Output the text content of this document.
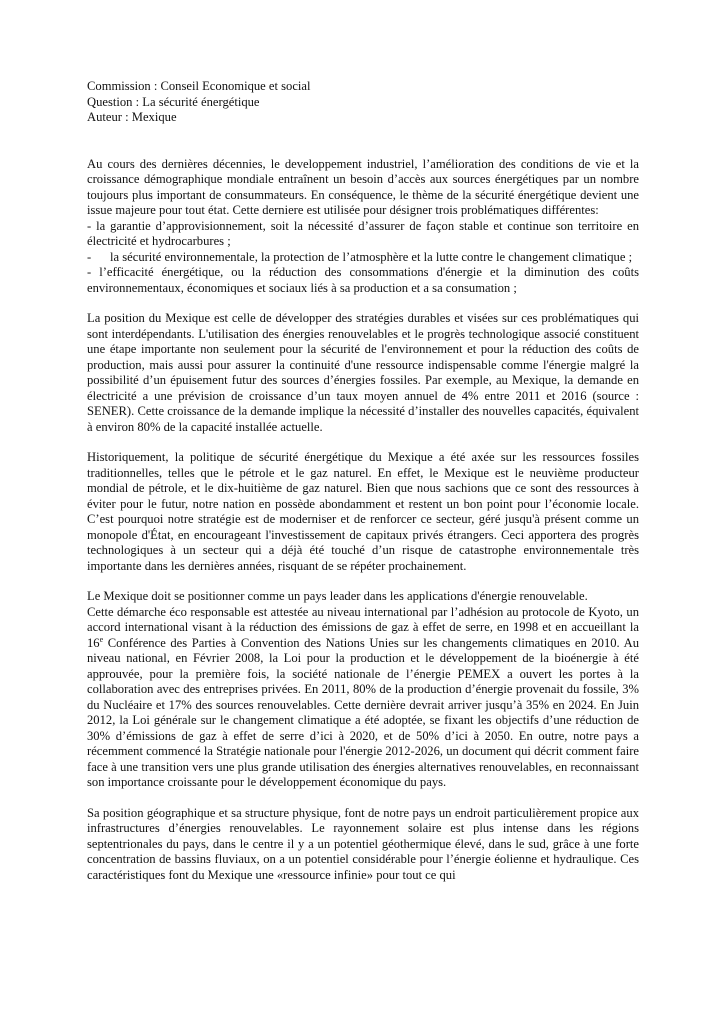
Commission : Conseil Economique et social

Question : La sécurité énergétique

Auteur : Mexique

Au cours des dernières décennies, le developpement industriel, l’amélioration des conditions de vie et la croissance démographique mondiale entraînent un besoin d’accès aux sources énergétiques par un nombre toujours plus important de consummateurs. En conséquence, le thème de la sécurité énergétique devient une issue majeure pour tout état. Cette derniere est utilisée pour désigner trois problématiques différentes:

- la garantie d’approvisionnement, soit la nécessité d’assurer de façon stable et continue son territoire en électricité et hydrocarbures ;

- la sécurité environnementale, la protection de l’atmosphère et la lutte contre le changement climatique ;

- l’efficacité énergétique, ou la réduction des consommations d'énergie et la diminution des coûts environnementaux, économiques et sociaux liés à sa production et a sa consumation ;

La position du Mexique est celle de développer des stratégies durables et visées sur ces problématiques qui sont interdépendants. L'utilisation des énergies renouvelables et le progrès technologique associé constituent une étape importante non seulement pour la sécurité de l'environnement et pour la réduction des coûts de production, mais aussi pour assurer la continuité d'une ressource indispensable comme l'énergie malgré la possibilité d’un épuisement futur des sources d’énergies fossiles. Par exemple, au Mexique, la demande en électricité a une prévision de croissance d’un taux moyen annuel de 4% entre 2011 et 2016 (source : SENER). Cette croissance de la demande implique la nécessité d’installer des nouvelles capacités, équivalent à environ 80% de la capacité installée actuelle.

Historiquement, la politique de sécurité énergétique du Mexique a été axée sur les ressources fossiles traditionnelles, telles que le pétrole et le gaz naturel. En effet, le Mexique est le neuvième producteur mondial de pétrole, et le dix-huitième de gaz naturel. Bien que nous sachions que ce sont des ressources à éviter pour le futur, notre nation en possède abondamment et restent un bon point pour l’économie locale. C’est pourquoi notre stratégie est de moderniser et de renforcer ce secteur, géré jusqu'à présent comme un monopole d'État, en encourageant l'investissement de capitaux privés étrangers. Ceci apportera des progrès technologiques à un secteur qui a déjà été touché d’un risque de catastrophe environnementale très importante dans les dernières années, risquant de se répéter prochainement.

Le Mexique doit se positionner comme un pays leader dans les applications d'énergie renouvelable.

Cette démarche éco responsable est attestée au niveau international par l’adhésion au protocole de Kyoto, un accord international visant à la réduction des émissions de gaz à effet de serre, en 1998 et en accueillant la 16e Conférence des Parties à Convention des Nations Unies sur les changements climatiques en 2010. Au niveau national, en Février 2008, la Loi pour la production et le développement de la bioénergie à été approuvée, pour la première fois, la société nationale de l’énergie PEMEX a ouvert les portes à la collaboration avec des entreprises privées. En 2011, 80% de la production d’énergie provenait du fossile, 3% du Nucléaire et 17% des sources renouvelables. Cette dernière devrait arriver jusqu’à 35% en 2024. En Juin 2012, la Loi générale sur le changement climatique a été adoptée, se fixant les objectifs d’une réduction de 30% d’émissions de gaz à effet de serre d’ici à 2020, et de 50% d’ici à 2050. En outre, notre pays a récemment commencé la Stratégie nationale pour l'énergie 2012-2026, un document qui décrit comment faire face à une transition vers une plus grande utilisation des énergies alternatives renouvelables, en reconnaissant son importance croissante pour le développement économique du pays.

Sa position géographique et sa structure physique, font de notre pays un endroit particulièrement propice aux infrastructures d’énergies renouvelables. Le rayonnement solaire est plus intense dans les régions septentrionales du pays, dans le centre il y a un potentiel géothermique élevé, dans le sud, grâce à une forte concentration de bassins fluviaux, on a un potentiel considérable pour l’énergie éolienne et hydraulique. Ces caractéristiques font du Mexique une «ressource infinie» pour tout ce qui
